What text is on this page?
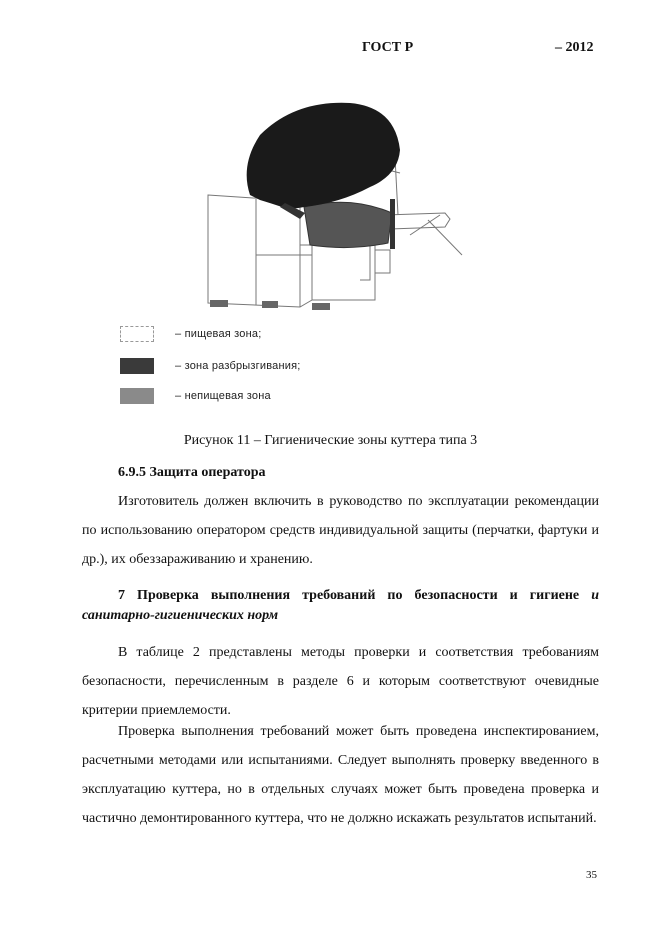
ГОСТ Р	– 2012
– пищевая зона;
– зона разбрызгивания;
– непищевая зона
Рисунок 11 – Гигиенические зоны куттера типа 3
6.9.5 Защита оператора

Изготовитель должен включить в руководство по эксплуатации рекомендации по использованию оператором средств индивидуальной защиты (перчатки, фартуки и др.), их обеззараживанию и хранению.

7 Проверка выполнения требований по безопасности и гигиене и санитарно-гигиенических норм

В таблице 2 представлены методы проверки и соответствия требованиям безопасности, перечисленным в разделе 6 и которым соответствуют очевидные критерии приемлемости.

Проверка выполнения требований может быть проведена инспектированием, расчетными методами или испытаниями. Следует выполнять проверку введенного в эксплуатацию куттера, но в отдельных случаях может быть проведена проверка и частично демонтированного куттера, что не должно искажать результатов испытаний.

35
